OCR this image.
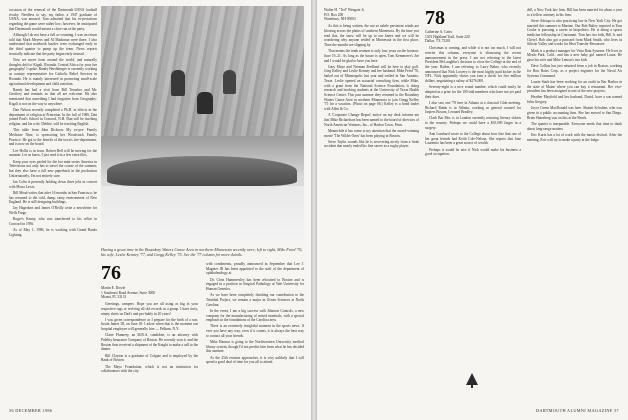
occasion of the renewal of the Dartmouth-USNA football rivalry. Needless to say, my father, a 1947 graduate of USNA, was amused. Tom admitted that his ex-pectations regarding the game were rather low; however, he anticipated that Dartmouth would mount a close run at the party.

Although I do not have a full ac-counting, I was on return told that Mark Meyers and Al Markman were there. I also understand that notebook hassles were exchanged early in the third quarter to pump up the team. News reports ironically indicate that the party began early instead.

Now we move from around the world, and naturally thoughts drift to Kigali, Rwanda. Central Africa for your fun geography! I spoke. Randy Hershberger is currently working as country representative for Catholic Relief Services in Rwanda. He is mainly interested in promoting small-scale agricultural development and child nutrition.

Randy has had a visit from Bill Treusher and Mr. Geoffrey and reminds us that all are welcome. He also mentioned that something I had forgotten from Geography: Kigali is not on the way to anywhere.

Dan Nelson recently completed a Ph.D. in effects in the department of religion at Princeton. In the fall of 1986, Dan joined Paul's School in Concord, N.H. Dan will be teaching religion, and his wife, Debbie, will be teaching English.

This table from John Dickson: My ex-per- Family Medicine Nine, is sponsoring her Woodstock Family Practice. He got to the benefit of the town's fire-department, and is now on the board.

Lee Hollis is in town. Robert Bell will be moving for the summer. Let us know, I just read it in a few extra files.

Keep your eyes peeled for the hot mini-series America in Televisions not only has to travel the course of the summer, but they also have a full new paperback in the production Unfortunately, I'm not entirely sure.

Ian Colin is presently holding down three jobs in concert with Mona Lewis.

Bill Mead writes that after 16 months in San Francisco, he has returned to the cold, damp, rainy environment of New England. He is still designing buildings.

Jay Hagedorn and James O'Reilly write a newsletter for Wells Fargo.

Roger's Kenny, who was transferred to his office in Concord in 1956.

As of May 1, 1986, he is working with Grand Banks Lighting.

Having a great time in the Boundary Waters Canoe Area in northern Minnesota recently were, left to right, Mike Fried '76, his wife, Leslie Kenney '77, and Gregg Kelley '75. See the '77 column for more details.
76
Martin E. Dowle
1 Southeast Road Avenue, Suite 3000
Miami, FL 33131

Greetings, campers. Hope you are all using as big in your respective rags or reviving all old records as a group. I have forty, ninety shirts on Dad's and pro-bably in 20 years!

I was given correspondence as I prepare for the birth of a son, Justin James III, on June 18. I adore when that is the moment our hospital employee will generally hire — Pelham, N.Y.

Claire Flannery, an M.B.A. candidate, is an attorney with Fidelity Insurance Company of Boston. He recently won it, and the Boston firm received a shipment of the Knight to make a call to the dinner.

Bill Clayton is a graduate of Colgate and is employed by the Bank of Boston.

The Mayo Foundation, which is not an institution for collaborators with the city.

with condiments, proudly announced in September that Lee J. Magnier III has been appointed to the staff of the department of ophthalmology at.

Dr. Chris Hammersley has been relocated to Boston and is engaged in a position in Surgical Pathology at Yale University for Human Genetics.

As we have been completely finishing our contribution to the Trinidad Project, we remain a major in Ocean Sciences at North Carolina.

In the event, I am a big success with Johnson Controls, a new company for the manufacturing of mixed materials, with a special emphasis in the foundations of the Carolina area.

There is an extremely insightful moment in the sports news. If ever you have any way, even if it comes, it is always the best way to contact all your friends.

Mike Hanson is going to the Northwestern University medical library system, though I'd not predict him from what he has decided this summer.

As the 25th reunion approaches, it is very unlikely that I will spend a good deal of time for you all to attend.

56 DECEMBER 1986
Walter H. "Ted" Wengate Jr.
P.O. Box 200
Waterbury, NH 05003

As this is being written, the not so subtle persistent winds are blowing across the plains of southern Minnesota. By the time you read this, the snow will be up to our knees and we will be wondering why anyone settled in Minnesota in the first place. Then the months are slipping by.

That means the tenth reunion is only four years on the horizon: June 19–21. As long as the house is open, Tom Kemmerer's Joe and I would be glad to have you here.

Gary Mayo and Norman Fredland will be here to play golf. Greg Kelley and Leslie Kenney and her husband, Mike Fried '76, bailed out of Minneapolis last year and settled in San Antonio, Texas. Leslie opened an actuarial consulting firm, while Mike, with a grant from the National Science Foundation, is doing research and teaching students at the University of Texas Health Science Center. This past summer they returned to the Boundary Waters Canoe Area in northern Minnesota to join Gregg Kelley '75 for a vacation. (Photo on page 66.) Kelley is a bond trader with Allen & Co.

A 'Corporate Change Report' notice on my desk informs me that Mike Richardson has been named to the board of directors of North American Ventures, Inc., of Harbor Town, Penn.

Meanwhile it has come to my attention that the award-winning movie 'The Wilder Ones' has been playing in Boston.

Steve Taylor sounds like he is recovering nicely from a freak accident that nearly ended his fine career as a rugby player.

78
Catherine A. Cates
1301 Highland Trail, Suite 220
Dallas, TX 75201

Christmas is coming, and while it is not too much, I will not rewrite this column, everyone is discussing the recent announcement in the press. I am not referring to the latest President McLaughlin's decision to close the College at the end of the year. Rather, I am referring to Larry Baker, who recently announced that Nick Lowery is the most highly paid kicker in the NFL. Nick apparently shows you fans a check for five million dollars, negotiating a salary of $276,000.

Seventy-eight is a nice round number, which could easily be adopted as a prize for the 100-odd members who have not yet paid their dues.

I also saw one '78 here in Atlanta at a classical Glob meeting. Richard Rubin is in Atlanta, working as general counsel for Jaspers Boston, Leonard Bradley.

Clark Bar Mrs. is in London currently restoring literary tickets to the country. Perhaps we could have a $10,000 finger in a surgery.

Ann Lombard wrote to the College about how fine that one of her great friends had Keith Cole-Nelson. She reports that Jane Laurentio has been a great source of wealth.

Perhaps it would be nice if Nick would make his business a good occupation.

dell, a New York law firm. Bill has been married for about a year to a fellow attorney in his firm.

Steve Adoupo is also practicing law in New York City. He got married this summer to Martine. Our Rob Bailey reported to Tom Cooke is pursuing a career in biopolitics. He is doing a sports medicine fellowship in Cincinnati. Tom has two kids, Bill Jr. and Cheryl. Rob also got a postcard from Mark Smith, who lives in Silicon Valley and works for Heat Transfer Resources.

Mark is a product manager for Vista Data Systems. He lives in Menlo Park, Calif., and has a new baby girl named Laura. He gave his wife and Mike Lemon's two kids.

Dave Collins has just returned from a job in Boston, working for Ron Bates Corp. as a project engineer for the Naval Air Systems Command.

Laurie Stark has been working for an outfit in Bar Harbor in the state of Maine where you can buy a restaurant. Her vice-president has been assigned to one of the new projects.

Heather Mayfield and her husband, David, have a son named John Gregory.

Joyce Green MacDonald was here. Shutter Schulten, who was given in a public accounting firm. She has moved to San Diego. Brian Sharnberg was on this at the Beach.

The quartet is inseparable. Everyone needs that time to think about long-range matters.

Eric Kurtz has a lot of work with the music festival. After the meeting, Eric will try to make a party at the lodge.

DARTMOUTH ALUMNI MAGAZINE 57
